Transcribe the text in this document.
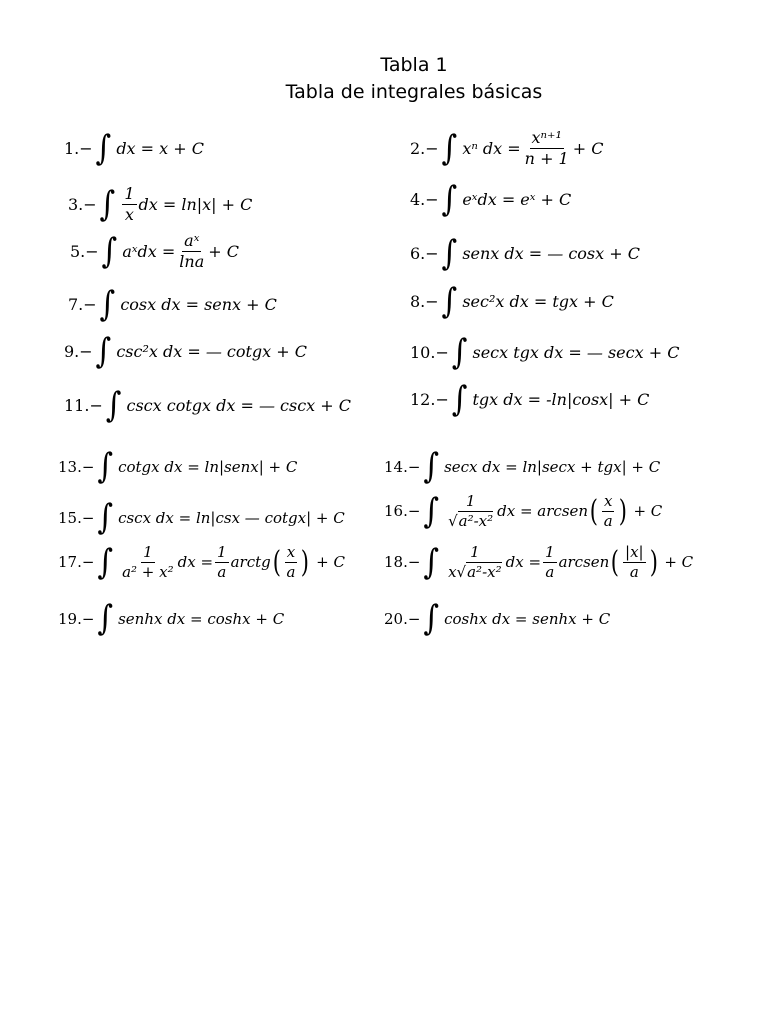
Tabla 1
Tabla de integrales básicas
1.− ∫ dx = x + C	2.− ∫ xⁿ dx = $\frac{\text{xⁿ⁺¹}}{n + 1} + C$
3.− ∫ $\frac{1}{x}$ dx = ln|x| + C	4.− ∫ eˣdx = eˣ + C
5.− ∫ aˣdx = $\frac{\text{aˣ}}{\ln a} + C$	6.− ∫ senx dx = — cosx + C
7.− ∫ cosx dx = senx + C	8.− ∫ sec²x dx = tgx + C
9.− ∫ csc²x dx = — cotgx + C	10.− ∫ secx tgx dx = — secx + C
11.− ∫ cscx cotgx dx = — cscx + C	12.− ∫ tgx dx = -ln|cosx| + C
13.− ∫ cotgx dx = ln|senx| + C	14.− ∫ secx dx = ln|secx + tgx| + C
15.− ∫ cscx dx = ln|csx — cotgx| + C	16.− ∫ $\frac{1}{\text{√a²-x²}}$ dx = arcsen ( $\frac{x}{a}$ ) + C
17.− ∫ $\frac{1}{\text{a² + x²}}$ dx = $\frac{1}{a}$ arctg ( $\frac{x}{a}$ ) + C	18.− ∫ $\frac{1}{\text{x√a²-x²}}$ dx = $\frac{1}{a}$ arcsen ( $\frac{|x|}{a}$ ) + C
19.− ∫ senhx dx = coshx + C	20.− ∫ coshx dx = senhx + C
